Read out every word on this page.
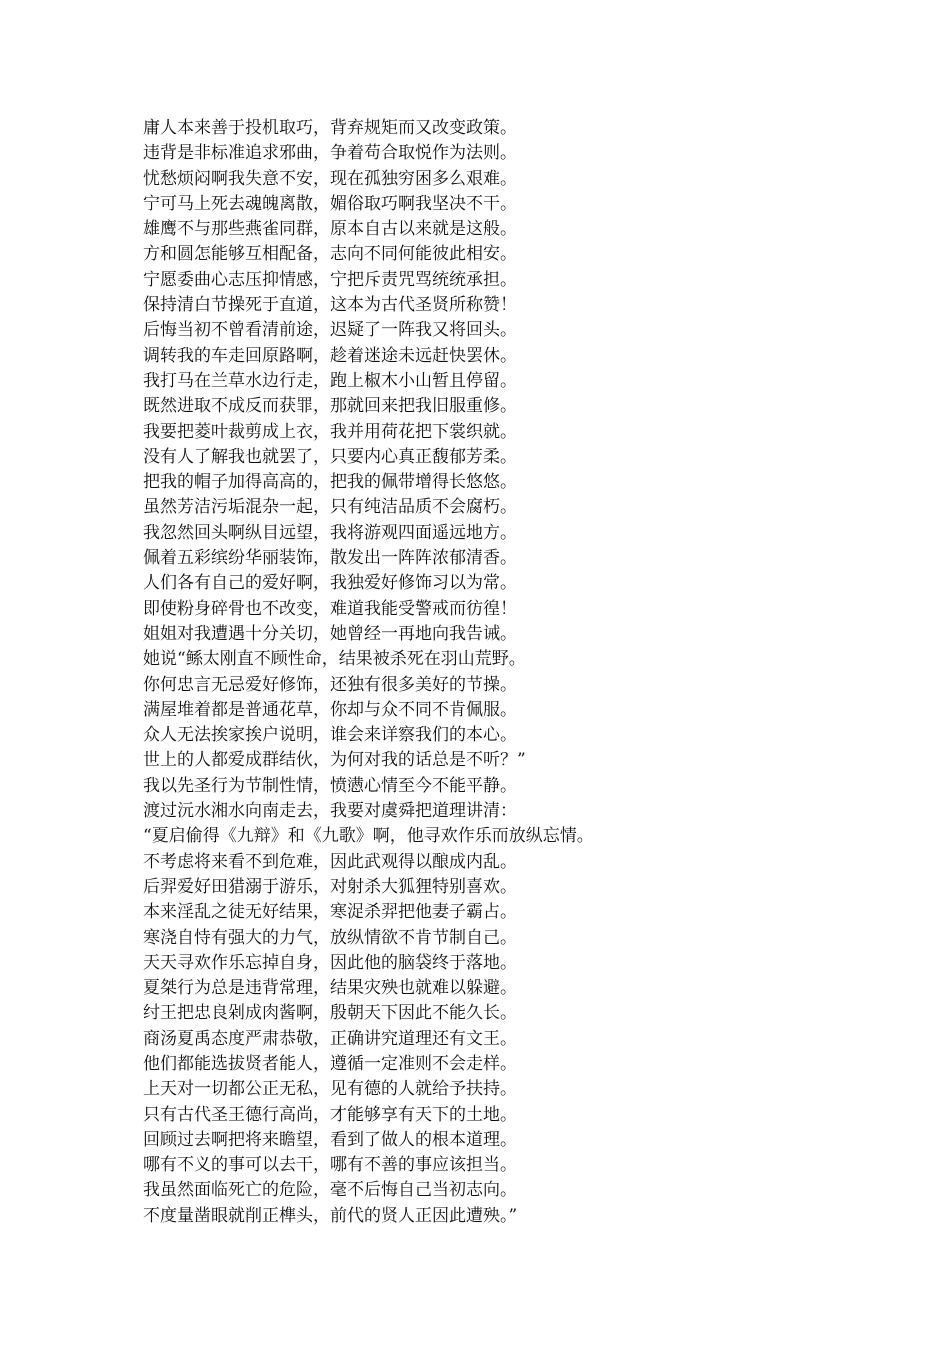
庸人本来善于投机取巧，背弃规矩而又改变政策。
违背是非标准追求邪曲，争着苟合取悦作为法则。
忧愁烦闷啊我失意不安，现在孤独穷困多么艰难。
宁可马上死去魂魄离散，媚俗取巧啊我坚决不干。
雄鹰不与那些燕雀同群，原本自古以来就是这般。
方和圆怎能够互相配备，志向不同何能彼此相安。
宁愿委曲心志压抑情感，宁把斥责咒骂统统承担。
保持清白节操死于直道，这本为古代圣贤所称赞！
后悔当初不曾看清前途，迟疑了一阵我又将回头。
调转我的车走回原路啊，趁着迷途未远赶快罢休。
我打马在兰草水边行走，跑上椒木小山暂且停留。
既然进取不成反而获罪，那就回来把我旧服重修。
我要把菱叶裁剪成上衣，我并用荷花把下裳织就。
没有人了解我也就罢了，只要内心真正馥郁芳柔。
把我的帽子加得高高的，把我的佩带增得长悠悠。
虽然芳洁污垢混杂一起，只有纯洁品质不会腐朽。
我忽然回头啊纵目远望，我将游观四面遥远地方。
佩着五彩缤纷华丽装饰，散发出一阵阵浓郁清香。
人们各有自己的爱好啊，我独爱好修饰习以为常。
即使粉身碎骨也不改变，难道我能受警戒而彷徨！
姐姐对我遭遇十分关切，她曾经一再地向我告诫。
她说“鲧太刚直不顾性命，结果被杀死在羽山荒野。
你何忠言无忌爱好修饰，还独有很多美好的节操。
满屋堆着都是普通花草，你却与众不同不肯佩服。
众人无法挨家挨户说明，谁会来详察我们的本心。
世上的人都爱成群结伙，为何对我的话总是不听？”
我以先圣行为节制性情，愤懑心情至今不能平静。
渡过沅水湘水向南走去，我要对虞舜把道理讲清：
“夏启偷得《九辩》和《九歌》啊，他寻欢作乐而放纵忘情。
不考虑将来看不到危难，因此武观得以酿成内乱。
后羿爱好田猎溺于游乐，对射杀大狐狸特别喜欢。
本来淫乱之徒无好结果，寒浞杀羿把他妻子霸占。
寒浇自恃有强大的力气，放纵情欲不肯节制自己。
天天寻欢作乐忘掉自身，因此他的脑袋终于落地。
夏桀行为总是违背常理，结果灾殃也就难以躲避。
纣王把忠良剁成肉酱啊，殷朝天下因此不能久长。
商汤夏禹态度严肃恭敬，正确讲究道理还有文王。
他们都能选拔贤者能人，遵循一定准则不会走样。
上天对一切都公正无私，见有德的人就给予扶持。
只有古代圣王德行高尚，才能够享有天下的土地。
回顾过去啊把将来瞻望，看到了做人的根本道理。
哪有不义的事可以去干，哪有不善的事应该担当。
我虽然面临死亡的危险，毫不后悔自己当初志向。
不度量凿眼就削正榫头，前代的贤人正因此遭殃。”
